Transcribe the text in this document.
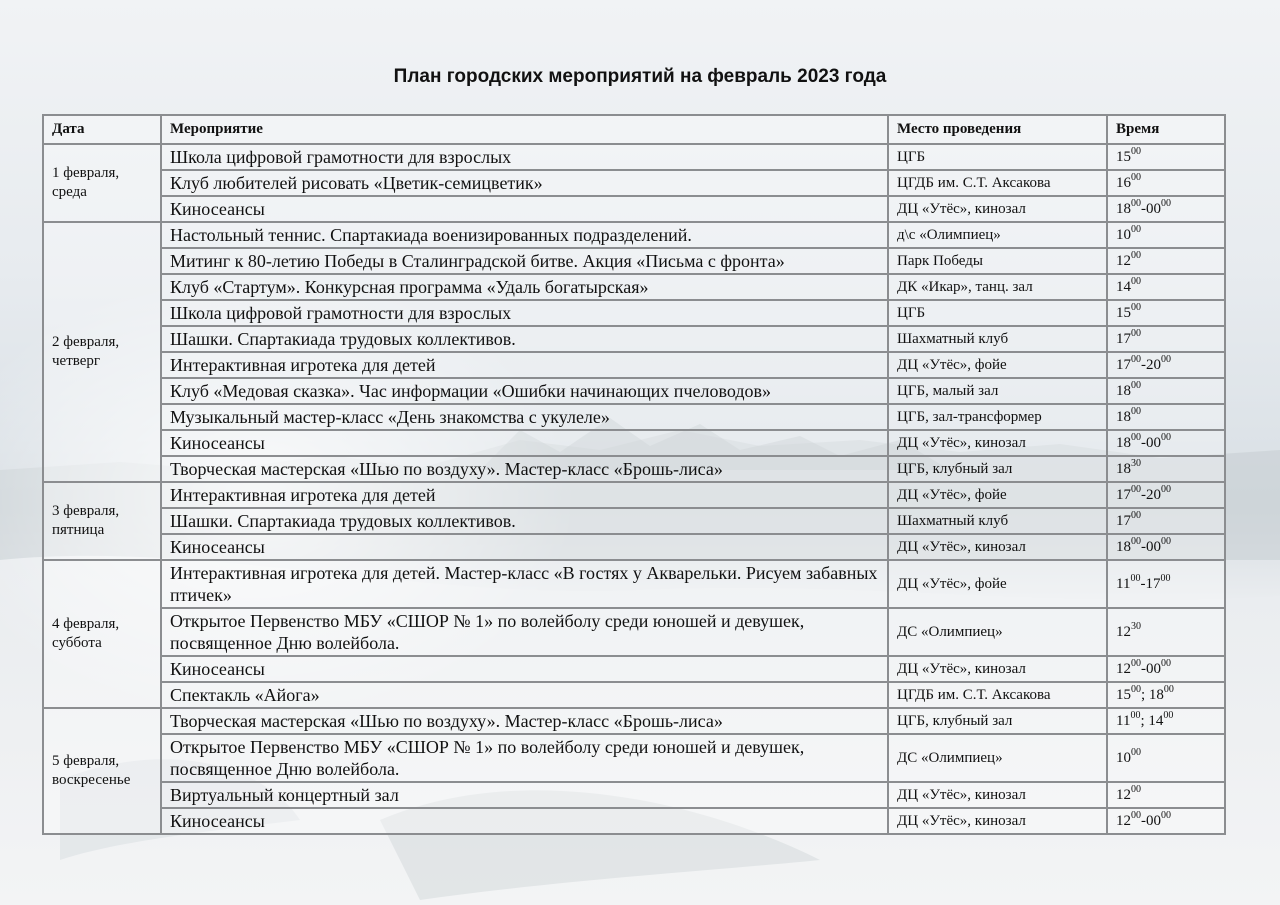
План городских мероприятий на февраль 2023 года
Дата	Мероприятие	Место проведения	Время
1 февраля,
среда	Школа цифровой грамотности для взрослых	ЦГБ	$15^{00}$
	Клуб любителей рисовать «Цветик-семицветик»	ЦГДБ им. С.Т. Аксакова	$16^{00}$
	Киносеансы	ДЦ «Утёс», кинозал	$18^{00}-00^{00}$
2 февраля,
четверг	Настольный теннис. Спартакиада военизированных подразделений.	д\с «Олимпиец»	$10^{00}$
	Митинг к 80-летию Победы в Сталинградской битве. Акция «Письма с фронта»	Парк Победы	$12^{00}$
	Клуб «Стартум». Конкурсная программа «Удаль богатырская»	ДК «Икар», танц. зал	$14^{00}$
	Школа цифровой грамотности для взрослых	ЦГБ	$15^{00}$
	Шашки. Спартакиада трудовых коллективов.	Шахматный клуб	$17^{00}$
	Интерактивная игротека для детей	ДЦ «Утёс», фойе	$17^{00}-20^{00}$
	Клуб «Медовая сказка». Час информации «Ошибки начинающих пчеловодов»	ЦГБ, малый зал	$18^{00}$
	Музыкальный мастер-класс «День знакомства с укулеле»	ЦГБ, зал-трансформер	$18^{00}$
	Киносеансы	ДЦ «Утёс», кинозал	$18^{00}-00^{00}$
	Творческая мастерская «Шью по воздуху». Мастер-класс «Брошь-лиса»	ЦГБ, клубный зал	$18^{30}$
3 февраля,
пятница	Интерактивная игротека для детей	ДЦ «Утёс», фойе	$17^{00}-20^{00}$
	Шашки. Спартакиада трудовых коллективов.	Шахматный клуб	$17^{00}$
	Киносеансы	ДЦ «Утёс», кинозал	$18^{00}-00^{00}$
4 февраля,
суббота	Интерактивная игротека для детей. Мастер-класс «В гостях у Акварельки. Рисуем забавных птичек»	ДЦ «Утёс», фойе	$11^{00}-17^{00}$
	Открытое Первенство МБУ «СШОР № 1» по волейболу среди юношей и девушек, посвященное Дню волейбола.	ДС «Олимпиец»	$12^{30}$
	Киносеансы	ДЦ «Утёс», кинозал	$12^{00}-00^{00}$
	Спектакль «Айога»	ЦГДБ им. С.Т. Аксакова	$15^{00}$; $18^{00}$
5 февраля,
воскресенье	Творческая мастерская «Шью по воздуху». Мастер-класс «Брошь-лиса»	ЦГБ, клубный зал	$11^{00}$; $14^{00}$
	Открытое Первенство МБУ «СШОР № 1» по волейболу среди юношей и девушек, посвященное Дню волейбола.	ДС «Олимпиец»	$10^{00}$
	Виртуальный концертный зал	ДЦ «Утёс», кинозал	$12^{00}$
	Киносеансы	ДЦ «Утёс», кинозал	$12^{00}-00^{00}$
